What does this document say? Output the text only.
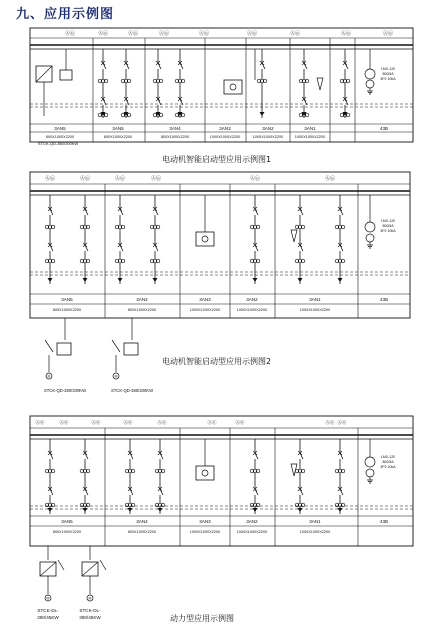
九、应用示例图
Ⓐ⑥	Ⓐ⑥	Ⓐ⑥	Ⓐ⑥	Ⓐ⑥	Ⓐ⑥	Ⓐ⑥	Ⓐ⑥	Ⓐ⑥
LMX-120
800/5A
3P2 10kA
3AN5	3AN5	3AN4	3AN3	3AN2	3AN1	43B
800X1000X2200	800X1000X2200	800X1000X2200	1000X1000X2200	1000X1000X2200	1000X1000X2200
STCK-QD-380/200KW
Ⓐ⑥	Ⓐ⑥	Ⓐ⑥	Ⓐ⑥	Ⓐ⑥	Ⓐ⑥
LMX-120
800/5A
3P2 10kA
3AN5	3AN4	3AN3	3AN2	3AN1	43B
800X1000X2200	800X1000X2200	1000X1000X2200	1000X1000X2200	1000X1000X2200
M
STCK-QD-380/200KW
M
STCK-QD-380/200KW
Ⓐ⑥	Ⓐ⑥	Ⓐ⑥	Ⓐ⑥	Ⓐ⑥	Ⓐ⑥	Ⓐ⑥	Ⓐ⑥ Ⓐ⑥
LMX-120
800/5A
3P2 10kA
3AN5	3AN4	3AN3	3AN2	3AN1	43B
800X1000X2200	800X1000X2200	1000X1000X2200	1000X1000X2200	1000X1000X2200
M
STCK-DL-
380/45KW
M
STCK-DL-
380/45KW
电动机智能启动型应用示例图1
电动机智能启动型应用示例图2
动力型应用示例图
